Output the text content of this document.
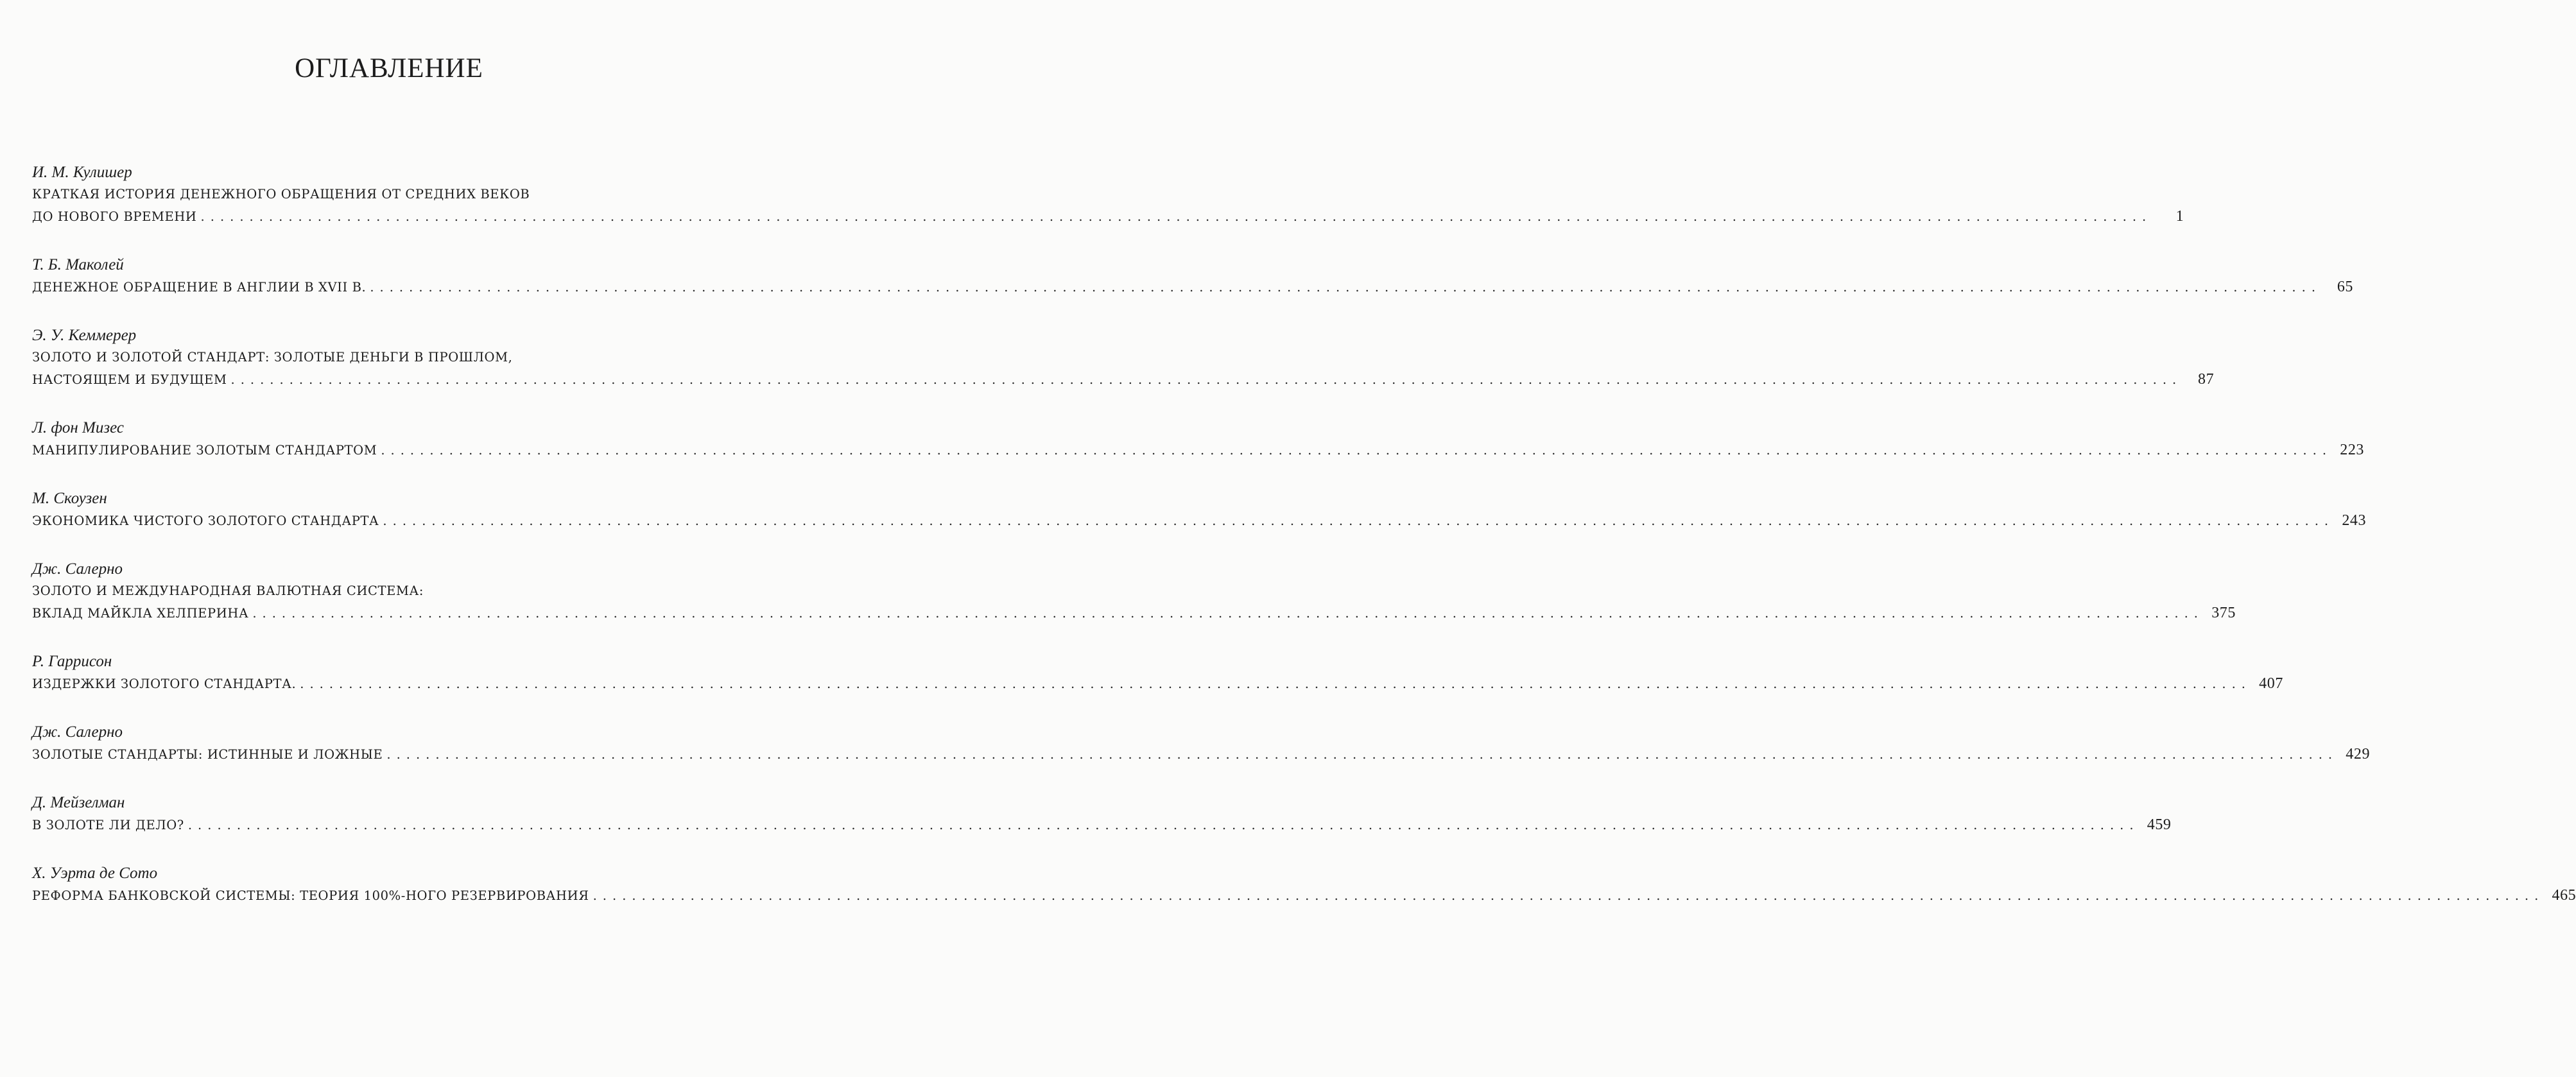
ОГЛАВЛЕНИЕ
И. М. Кулишер
КРАТКАЯ ИСТОРИЯ ДЕНЕЖНОГО ОБРАЩЕНИЯ ОТ СРЕДНИХ ВЕКОВ
ДО НОВОГО ВРЕМЕНИ ........................................................................................................................................................................................................	1
Т. Б. Маколей
ДЕНЕЖНОЕ ОБРАЩЕНИЕ В АНГЛИИ В XVII В. ........................................................................................................................................................................................................	65
Э. У. Кеммерер
ЗОЛОТО И ЗОЛОТОЙ СТАНДАРТ: ЗОЛОТЫЕ ДЕНЬГИ В ПРОШЛОМ,
НАСТОЯЩЕМ И БУДУЩЕМ ........................................................................................................................................................................................................	87
Л. фон Мизес
МАНИПУЛИРОВАНИЕ ЗОЛОТЫМ СТАНДАРТОМ ........................................................................................................................................................................................................ 223
М. Скоузен
ЭКОНОМИКА ЧИСТОГО ЗОЛОТОГО СТАНДАРТА ........................................................................................................................................................................................................ 243
Дж. Салерно
ЗОЛОТО И МЕЖДУНАРОДНАЯ ВАЛЮТНАЯ СИСТЕМА:
ВКЛАД МАЙКЛА ХЕЛПЕРИНА ........................................................................................................................................................................................................ 375
Р. Гаррисон
ИЗДЕРЖКИ ЗОЛОТОГО СТАНДАРТА. ........................................................................................................................................................................................................ 407
Дж. Салерно
ЗОЛОТЫЕ СТАНДАРТЫ: ИСТИННЫЕ И ЛОЖНЫЕ ........................................................................................................................................................................................................ 429
Д. Мейзелман
В ЗОЛОТЕ ЛИ ДЕЛО? ........................................................................................................................................................................................................ 459
Х. Уэрта де Сото
РЕФОРМА БАНКОВСКОЙ СИСТЕМЫ: ТЕОРИЯ 100%-НОГО РЕЗЕРВИРОВАНИЯ ........................................................................................................................................................................................................ 465
